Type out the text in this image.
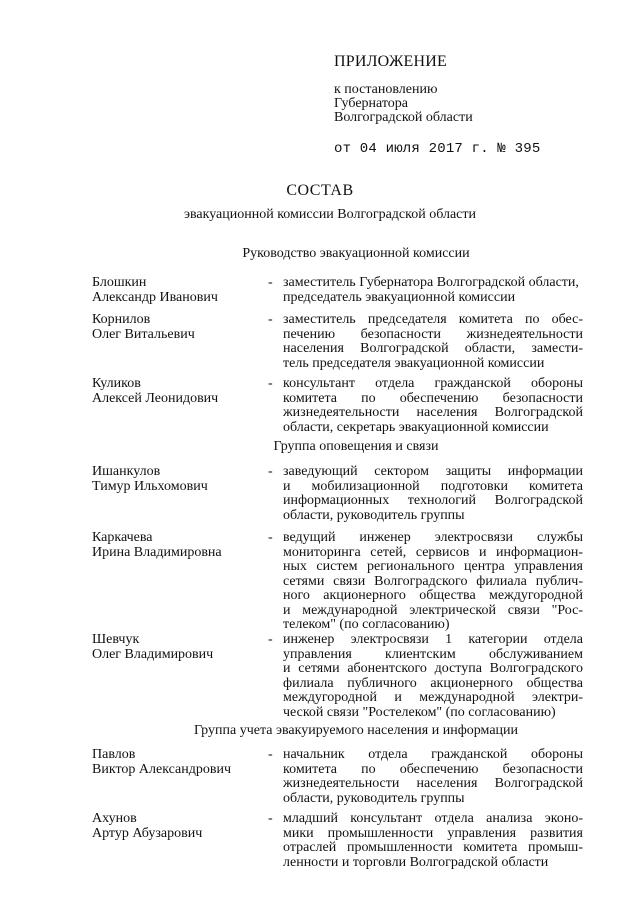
ПРИЛОЖЕНИЕ
к постановлению
Губернатора
Волгоградской области
от 04 июля 2017 г. № 395
СОСТАВ
эвакуационной комиссии Волгоградской области
Руководство эвакуационной комиссии
Блошкин
Александр Иванович
- заместитель Губернатора Волгоградской области,
председатель эвакуационной комиссии
Корнилов
Олег Витальевич
- заместитель председателя комитета по обес-
печению безопасности жизнедеятельности
населения Волгоградской области, замести-
тель председателя эвакуационной комиссии
Куликов
Алексей Леонидович
- консультант отдела гражданской обороны
комитета по обеспечению безопасности
жизнедеятельности населения Волгоградской
области, секретарь эвакуационной комиссии
Группа оповещения и связи
Ишанкулов
Тимур Ильхомович
- заведующий сектором защиты информации
и мобилизационной подготовки комитета
информационных технологий Волгоградской
области, руководитель группы
Каркачева
Ирина Владимировна
- ведущий инженер электросвязи службы
мониторинга сетей, сервисов и информацион-
ных систем регионального центра управления
сетями связи Волгоградского филиала публич-
ного акционерного общества междугородной
и международной электрической связи "Рос-
телеком" (по согласованию)
Шевчук
Олег Владимирович
- инженер электросвязи 1 категории отдела
управления клиентским обслуживанием
и сетями абонентского доступа Волгоградского
филиала публичного акционерного общества
междугородной и международной электри-
ческой связи "Ростелеком" (по согласованию)
Группа учета эвакуируемого населения и информации
Павлов
Виктор Александрович
- начальник отдела гражданской обороны
комитета по обеспечению безопасности
жизнедеятельности населения Волгоградской
области, руководитель группы
Ахунов
Артур Абузарович
- младший консультант отдела анализа эконо-
мики промышленности управления развития
отраслей промышленности комитета промыш-
ленности и торговли Волгоградской области
